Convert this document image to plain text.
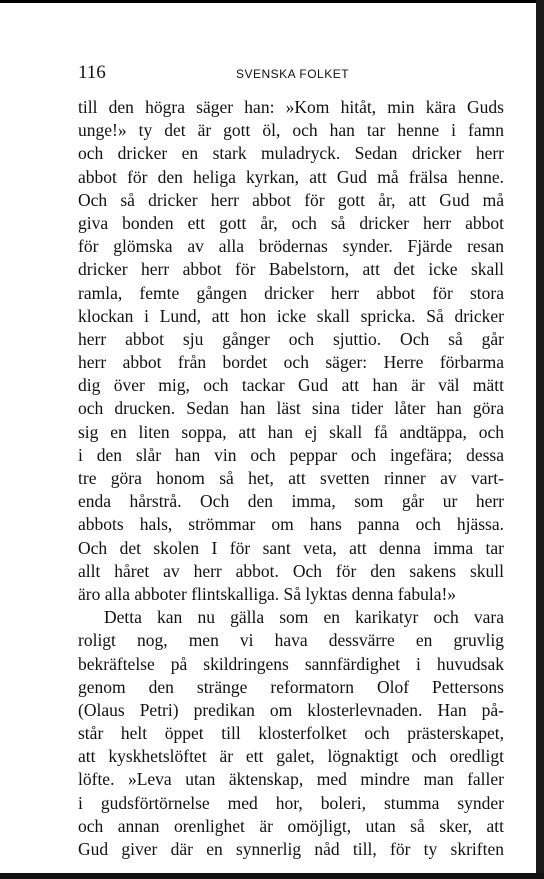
116	SVENSKA FOLKET
till den högra säger han: »Kom hitåt, min kära Guds
unge!» ty det är gott öl, och han tar henne i famn
och dricker en stark muladryck. Sedan dricker herr
abbot för den heliga kyrkan, att Gud må frälsa henne.
Och så dricker herr abbot för gott år, att Gud må
giva bonden ett gott år, och så dricker herr abbot
för glömska av alla brödernas synder. Fjärde resan
dricker herr abbot för Babelstorn, att det icke skall
ramla, femte gången dricker herr abbot för stora
klockan i Lund, att hon icke skall spricka. Så dricker
herr abbot sju gånger och sjuttio. Och så går
herr abbot från bordet och säger: Herre förbarma
dig över mig, och tackar Gud att han är väl mätt
och drucken. Sedan han läst sina tider låter han göra
sig en liten soppa, att han ej skall få andtäppa, och
i den slår han vin och peppar och ingefära; dessa
tre göra honom så het, att svetten rinner av vart-
enda hårstrå. Och den imma, som går ur herr
abbots hals, strömmar om hans panna och hjässa.
Och det skolen I för sant veta, att denna imma tar
allt håret av herr abbot. Och för den sakens skull
äro alla abboter flintskalliga. Så lyktas denna fabula!»
Detta kan nu gälla som en karikatyr och vara
roligt nog, men vi hava dessvärre en gruvlig
bekräftelse på skildringens sannfärdighet i huvudsak
genom den stränge reformatorn Olof Pettersons
(Olaus Petri) predikan om klosterlevnaden. Han på-
står helt öppet till klosterfolket och prästerskapet,
att kyskhetslöftet är ett galet, lögnaktigt och oredligt
löfte. »Leva utan äktenskap, med mindre man faller
i gudsförtörnelse med hor, boleri, stumma synder
och annan orenlighet är omöjligt, utan så sker, att
Gud giver där en synnerlig nåd till, för ty skriften
